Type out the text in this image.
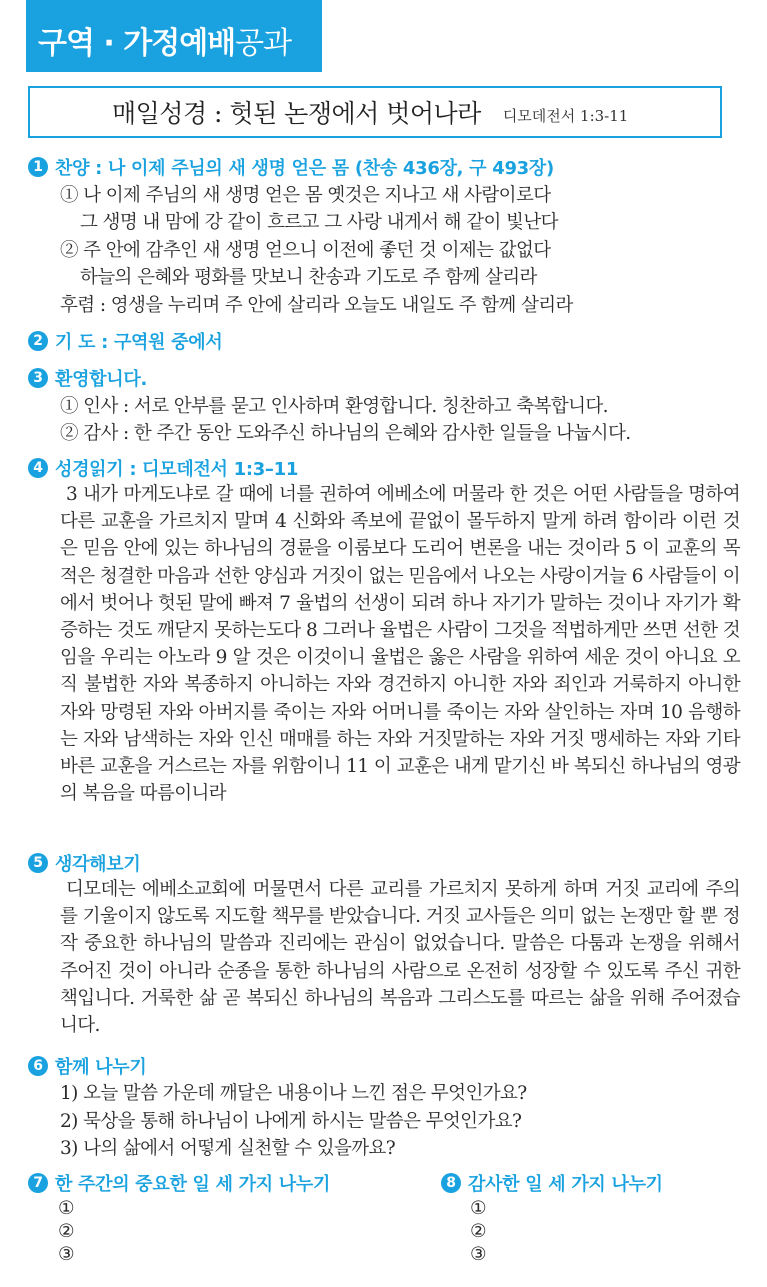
구역 · 가정예배 공과
매일성경 : 헛된 논쟁에서 벗어나라 디모데전서 1:3-11
1 찬양 : 나 이제 주님의 새 생명 얻은 몸 (찬송 436장, 구 493장)
① 나 이제 주님의 새 생명 얻은 몸 옛것은 지나고 새 사람이로다
그 생명 내 맘에 강 같이 흐르고 그 사랑 내게서 해 같이 빛난다
② 주 안에 감추인 새 생명 얻으니 이전에 좋던 것 이제는 값없다
하늘의 은혜와 평화를 맛보니 찬송과 기도로 주 함께 살리라
후렴 : 영생을 누리며 주 안에 살리라 오늘도 내일도 주 함께 살리라
2 기 도 : 구역원 중에서
3 환영합니다.
① 인사 : 서로 안부를 묻고 인사하며 환영합니다. 칭찬하고 축복합니다.
② 감사 : 한 주간 동안 도와주신 하나님의 은혜와 감사한 일들을 나눕시다.
4 성경읽기 : 디모데전서 1:3–11
3 내가 마게도냐로 갈 때에 너를 권하여 에베소에 머물라 한 것은 어떤 사람들을 명하여 다른 교훈을 가르치지 말며 4 신화와 족보에 끝없이 몰두하지 말게 하려 함이라 이런 것은 믿음 안에 있는 하나님의 경륜을 이룸보다 도리어 변론을 내는 것이라 5 이 교훈의 목적은 청결한 마음과 선한 양심과 거짓이 없는 믿음에서 나오는 사랑이거늘 6 사람들이 이에서 벗어나 헛된 말에 빠져 7 율법의 선생이 되려 하나 자기가 말하는 것이나 자기가 확증하는 것도 깨닫지 못하는도다 8 그러나 율법은 사람이 그것을 적법하게만 쓰면 선한 것임을 우리는 아노라 9 알 것은 이것이니 율법은 옳은 사람을 위하여 세운 것이 아니요 오직 불법한 자와 복종하지 아니하는 자와 경건하지 아니한 자와 죄인과 거룩하지 아니한 자와 망령된 자와 아버지를 죽이는 자와 어머니를 죽이는 자와 살인하는 자며 10 음행하는 자와 남색하는 자와 인신 매매를 하는 자와 거짓말하는 자와 거짓 맹세하는 자와 기타 바른 교훈을 거스르는 자를 위함이니 11 이 교훈은 내게 맡기신 바 복되신 하나님의 영광의 복음을 따름이니라
5 생각해보기
디모데는 에베소교회에 머물면서 다른 교리를 가르치지 못하게 하며 거짓 교리에 주의를 기울이지 않도록 지도할 책무를 받았습니다. 거짓 교사들은 의미 없는 논쟁만 할 뿐 정작 중요한 하나님의 말씀과 진리에는 관심이 없었습니다. 말씀은 다툼과 논쟁을 위해서 주어진 것이 아니라 순종을 통한 하나님의 사람으로 온전히 성장할 수 있도록 주신 귀한 책입니다. 거룩한 삶 곧 복되신 하나님의 복음과 그리스도를 따르는 삶을 위해 주어졌습니다.
6 함께 나누기
1) 오늘 말씀 가운데 깨달은 내용이나 느낀 점은 무엇인가요?
2) 묵상을 통해 하나님이 나에게 하시는 말씀은 무엇인가요?
3) 나의 삶에서 어떻게 실천할 수 있을까요?
7 한 주간의 중요한 일 세 가지 나누기
①
②
③
8 감사한 일 세 가지 나누기
①
②
③
